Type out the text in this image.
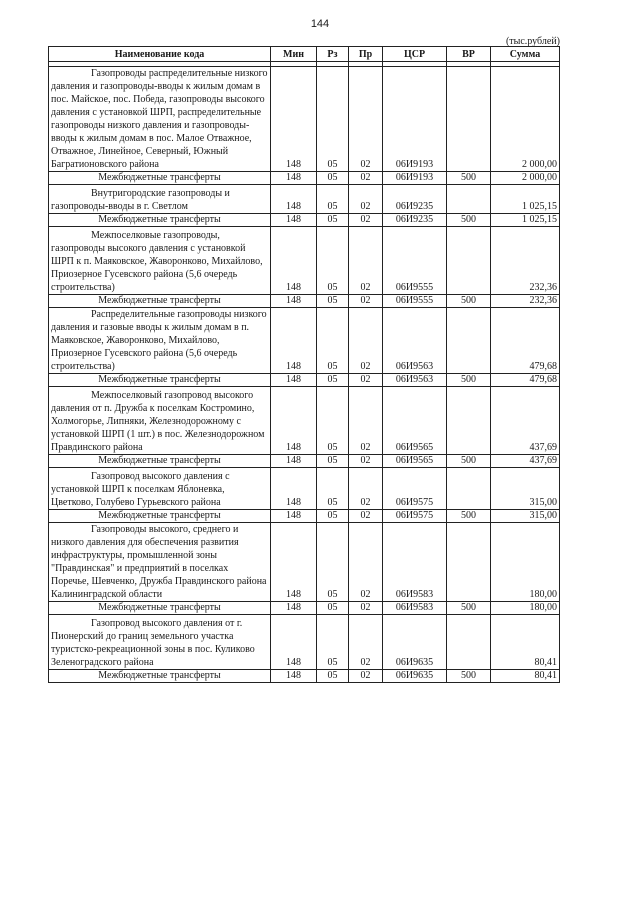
144
(тыс.рублей)
Наименование кода	Мин	Рз	Пр	ЦСР	ВР	Сумма

Газопроводы распределительные низкого давления и газопроводы-вводы к жилым домам в пос. Майское, пос. Победа, газопроводы высокого давления с установкой ШРП, распределительные газопроводы низкого давления и газопроводы-вводы к жилым домам в пос. Малое Отважное, Отважное, Линейное, Северный, Южный Багратионовского района	148	05	02	06И9193		2 000,00
Межбюджетные трансферты	148	05	02	06И9193	500	2 000,00
Внутригородские газопроводы и газопроводы-вводы в г. Светлом	148	05	02	06И9235		1 025,15
Межбюджетные трансферты	148	05	02	06И9235	500	1 025,15
Межпоселковые газопроводы, газопроводы высокого давления с установкой ШРП к п. Маяковское, Жаворонково, Михайлово, Приозерное Гусевского района (5,6 очередь строительства)	148	05	02	06И9555		232,36
Межбюджетные трансферты	148	05	02	06И9555	500	232,36
Распределительные газопроводы низкого давления и газовые вводы к жилым домам в п. Маяковское, Жаворонково, Михайлово, Приозерное Гусевского района (5,6 очередь строительства)	148	05	02	06И9563		479,68
Межбюджетные трансферты	148	05	02	06И9563	500	479,68
Межпоселковый газопровод высокого давления от п. Дружба к поселкам Костромино, Холмогорье, Липняки, Железнодорожному с установкой ШРП (1 шт.) в пос. Железнодорожном Правдинского района	148	05	02	06И9565		437,69
Межбюджетные трансферты	148	05	02	06И9565	500	437,69
Газопровод высокого давления с установкой ШРП к поселкам Яблоневка, Цветково, Голубево Гурьевского района	148	05	02	06И9575		315,00
Межбюджетные трансферты	148	05	02	06И9575	500	315,00
Газопроводы высокого, среднего и низкого давления для обеспечения развития инфраструктуры, промышленной зоны "Правдинская" и предприятий в поселках Поречье, Шевченко, Дружба Правдинского района Калининградской области	148	05	02	06И9583		180,00
Межбюджетные трансферты	148	05	02	06И9583	500	180,00
Газопровод высокого давления от г. Пионерский до границ земельного участка туристско-рекреационной зоны в пос. Куликово Зеленоградского района	148	05	02	06И9635		80,41
Межбюджетные трансферты	148	05	02	06И9635	500	80,41
